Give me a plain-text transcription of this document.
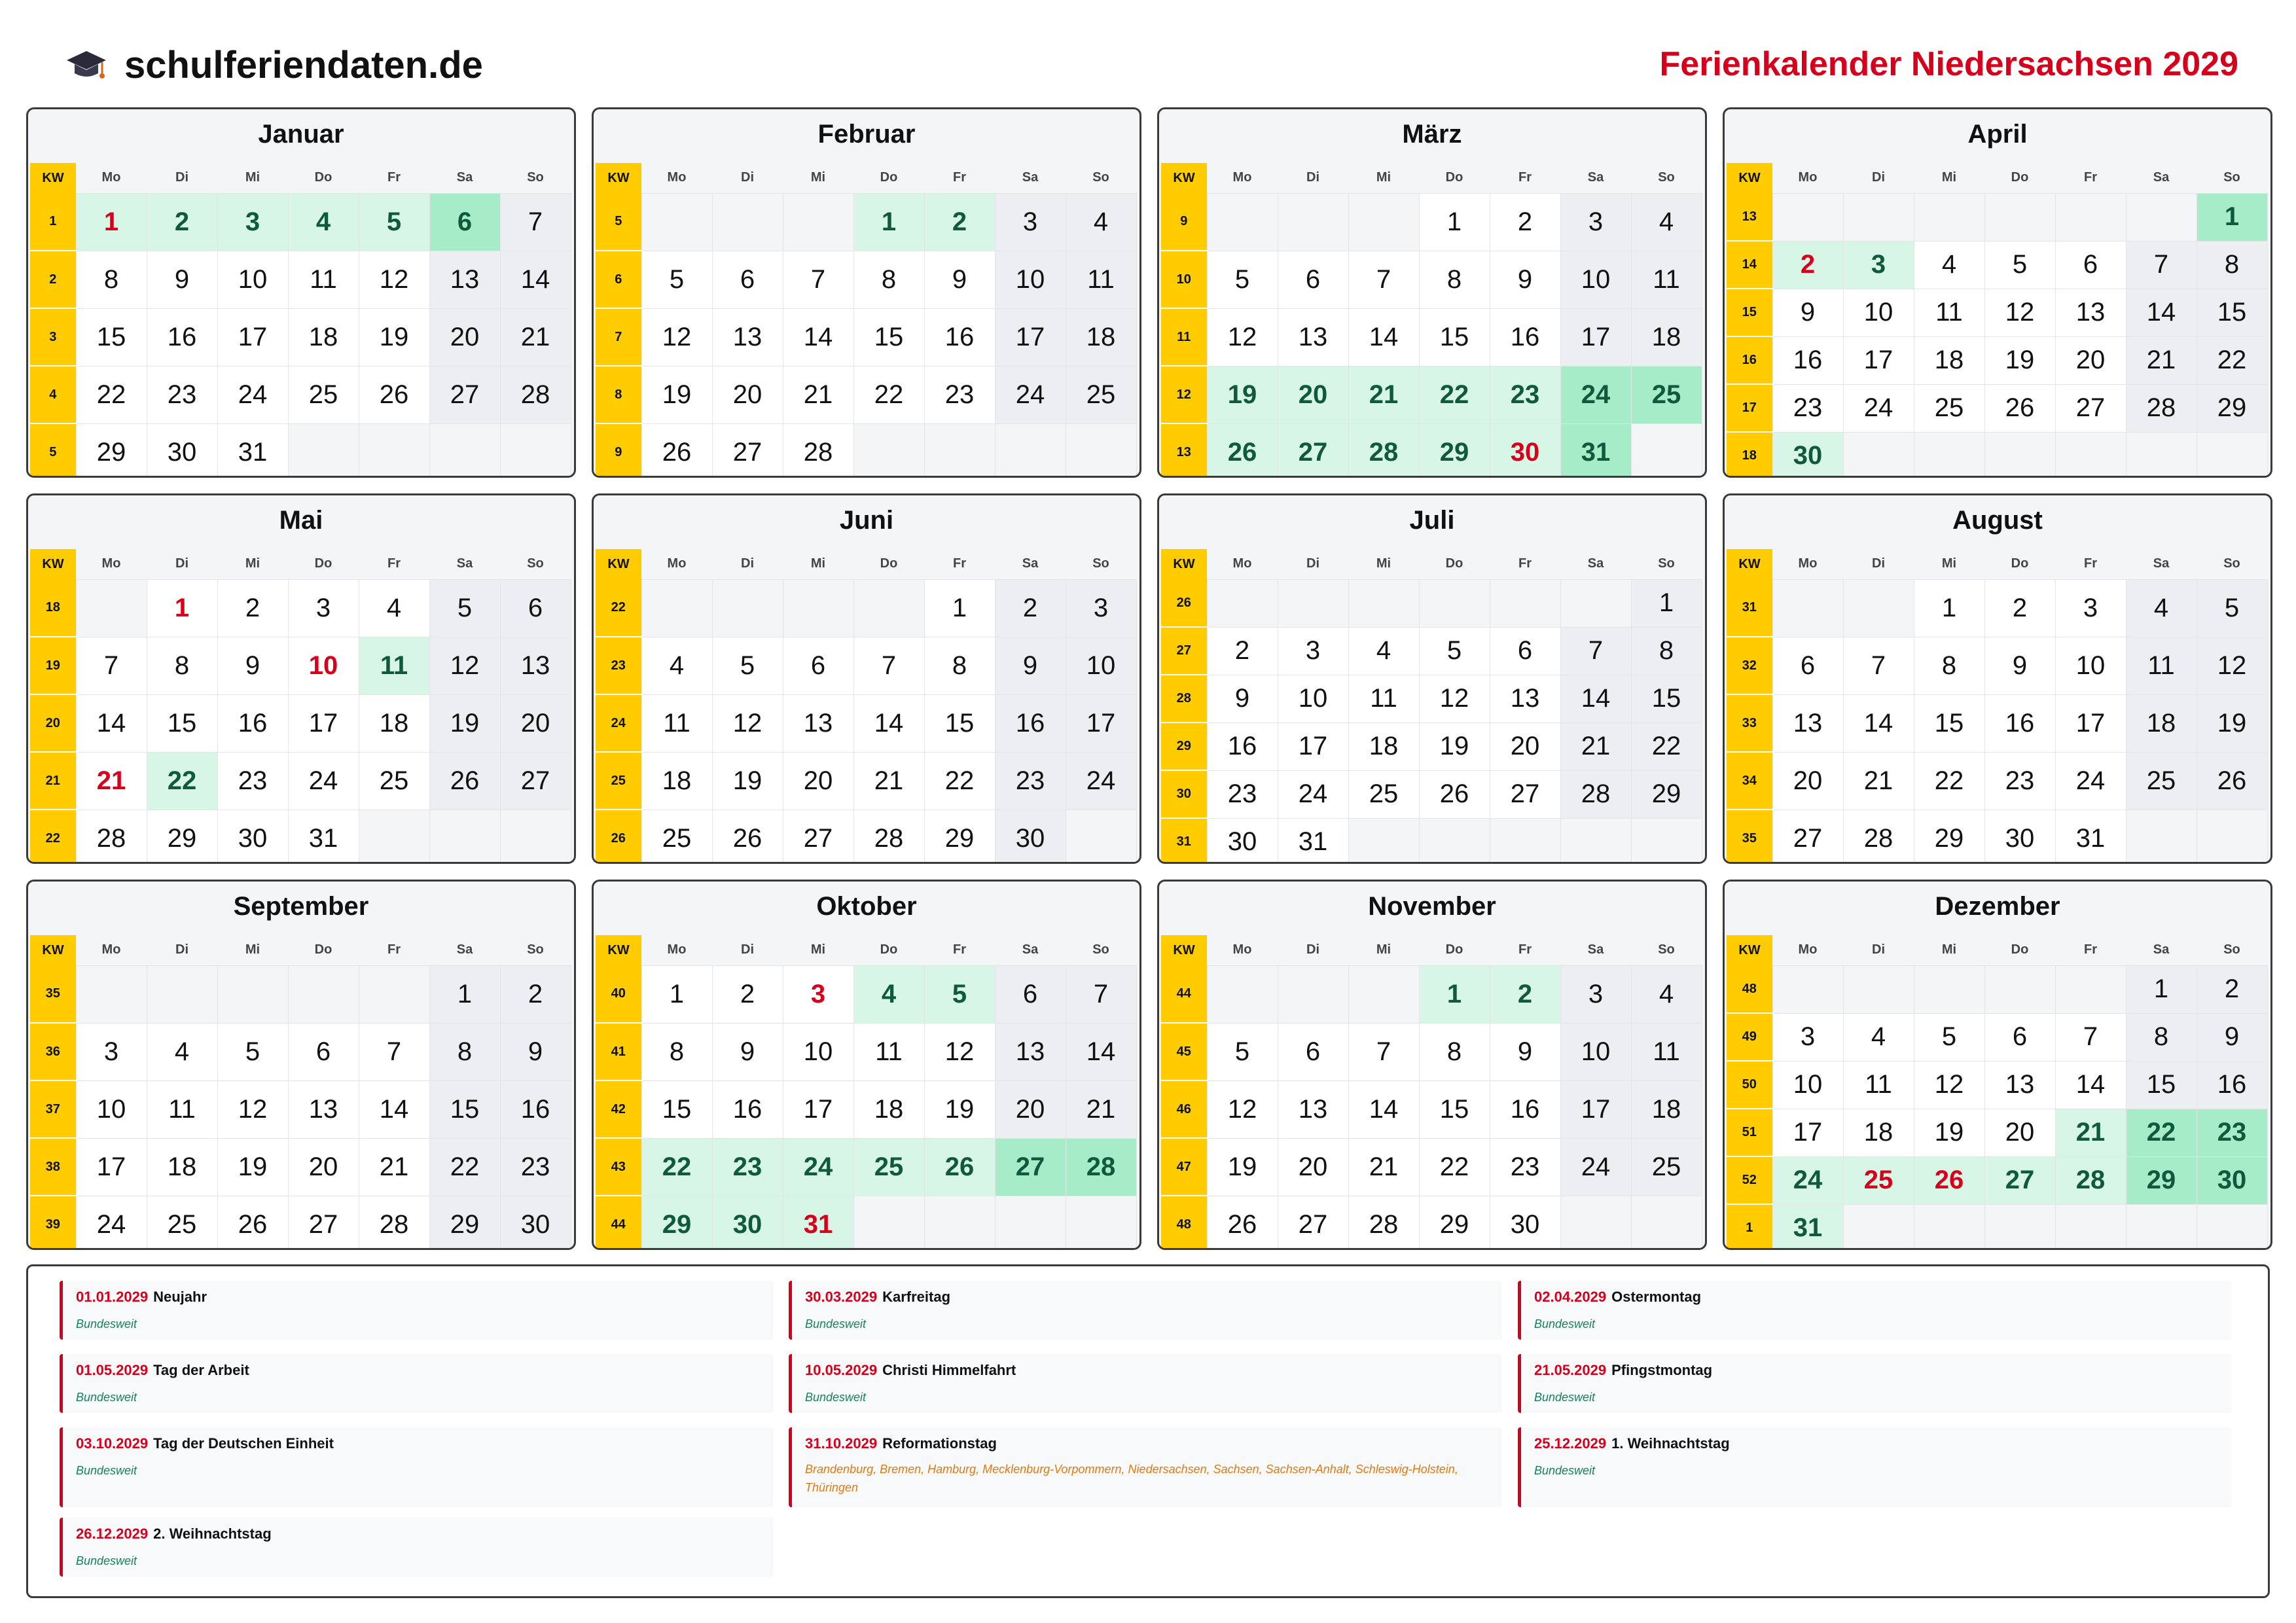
schulferiendaten.de	Ferienkalender Niedersachsen 2029
Januar
KW	Mo	Di	Mi	Do	Fr	Sa	So
1	1	2	3	4	5	6	7
2	8	9	10	11	12	13	14
3	15	16	17	18	19	20	21
4	22	23	24	25	26	27	28
5	29	30	31				
Februar
KW	Mo	Di	Mi	Do	Fr	Sa	So
5				1	2	3	4
6	5	6	7	8	9	10	11
7	12	13	14	15	16	17	18
8	19	20	21	22	23	24	25
9	26	27	28				
März
KW	Mo	Di	Mi	Do	Fr	Sa	So
9				1	2	3	4
10	5	6	7	8	9	10	11
11	12	13	14	15	16	17	18
12	19	20	21	22	23	24	25
13	26	27	28	29	30	31	
April
KW	Mo	Di	Mi	Do	Fr	Sa	So
13							1
14	2	3	4	5	6	7	8
15	9	10	11	12	13	14	15
16	16	17	18	19	20	21	22
17	23	24	25	26	27	28	29
18	30						
Mai
KW	Mo	Di	Mi	Do	Fr	Sa	So
18		1	2	3	4	5	6
19	7	8	9	10	11	12	13
20	14	15	16	17	18	19	20
21	21	22	23	24	25	26	27
22	28	29	30	31			
Juni
KW	Mo	Di	Mi	Do	Fr	Sa	So
22					1	2	3
23	4	5	6	7	8	9	10
24	11	12	13	14	15	16	17
25	18	19	20	21	22	23	24
26	25	26	27	28	29	30	
Juli
KW	Mo	Di	Mi	Do	Fr	Sa	So
26							1
27	2	3	4	5	6	7	8
28	9	10	11	12	13	14	15
29	16	17	18	19	20	21	22
30	23	24	25	26	27	28	29
31	30	31					
August
KW	Mo	Di	Mi	Do	Fr	Sa	So
31			1	2	3	4	5
32	6	7	8	9	10	11	12
33	13	14	15	16	17	18	19
34	20	21	22	23	24	25	26
35	27	28	29	30	31		
September
KW	Mo	Di	Mi	Do	Fr	Sa	So
35						1	2
36	3	4	5	6	7	8	9
37	10	11	12	13	14	15	16
38	17	18	19	20	21	22	23
39	24	25	26	27	28	29	30
Oktober
KW	Mo	Di	Mi	Do	Fr	Sa	So
40	1	2	3	4	5	6	7
41	8	9	10	11	12	13	14
42	15	16	17	18	19	20	21
43	22	23	24	25	26	27	28
44	29	30	31				
November
KW	Mo	Di	Mi	Do	Fr	Sa	So
44				1	2	3	4
45	5	6	7	8	9	10	11
46	12	13	14	15	16	17	18
47	19	20	21	22	23	24	25
48	26	27	28	29	30		
Dezember
KW	Mo	Di	Mi	Do	Fr	Sa	So
48						1	2
49	3	4	5	6	7	8	9
50	10	11	12	13	14	15	16
51	17	18	19	20	21	22	23
52	24	25	26	27	28	29	30
1	31						
01.01.2029 Neujahr
Bundesweit
30.03.2029 Karfreitag
Bundesweit
02.04.2029 Ostermontag
Bundesweit
01.05.2029 Tag der Arbeit
Bundesweit
10.05.2029 Christi Himmelfahrt
Bundesweit
21.05.2029 Pfingstmontag
Bundesweit
03.10.2029 Tag der Deutschen Einheit
Bundesweit
31.10.2029 Reformationstag
Brandenburg, Bremen, Hamburg, Mecklenburg-Vorpommern, Niedersachsen, Sachsen, Sachsen-Anhalt, Schleswig-Holstein, Thüringen
25.12.2029 1. Weihnachtstag
Bundesweit
26.12.2029 2. Weihnachtstag
Bundesweit
